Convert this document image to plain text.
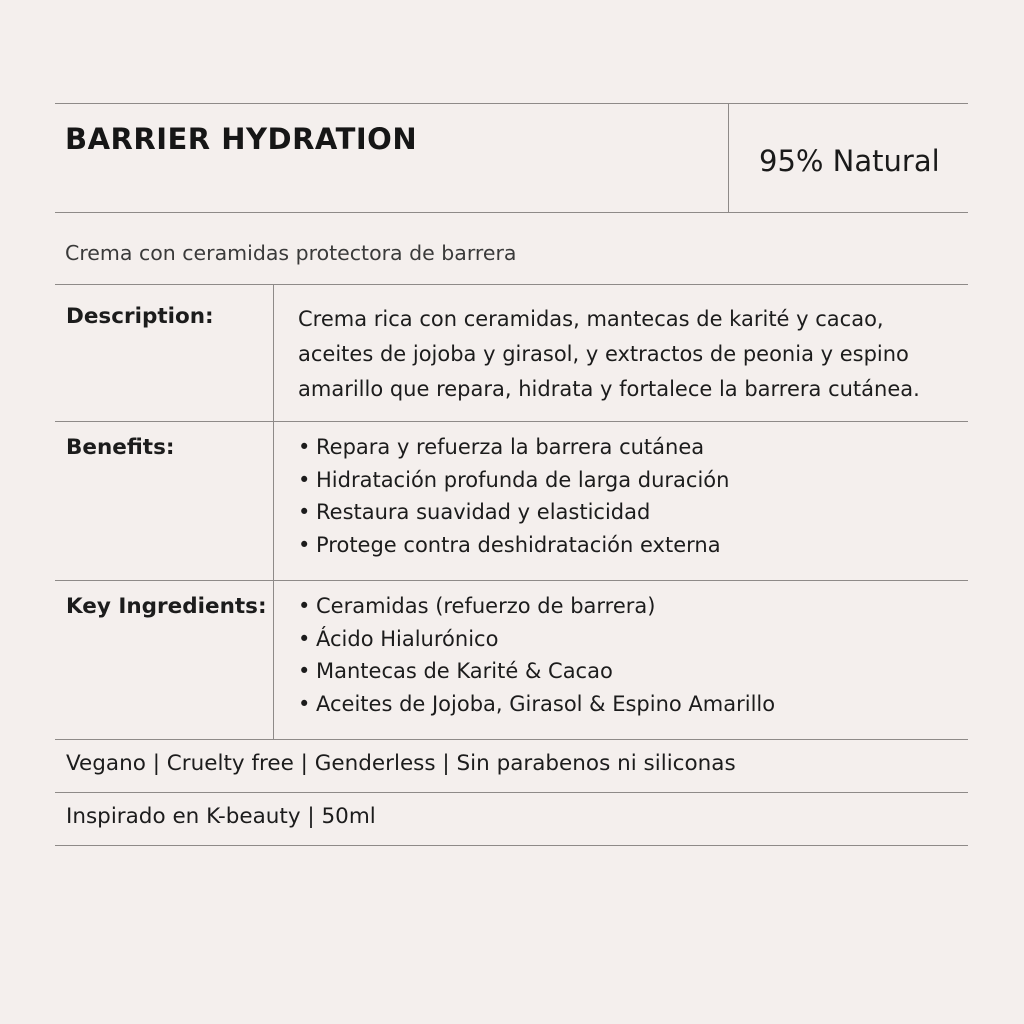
BARRIER HYDRATION
95% Natural
Crema con ceramidas protectora de barrera
Description:	Crema rica con ceramidas, mantecas de karité y cacao, aceites de jojoba y girasol, y extractos de peonia y espino amarillo que repara, hidrata y fortalece la barrera cutánea.
Benefits:	• Repara y refuerza la barrera cutánea
• Hidratación profunda de larga duración
• Restaura suavidad y elasticidad
• Protege contra deshidratación externa
Key Ingredients:	• Ceramidas (refuerzo de barrera)
• Ácido Hialurónico
• Mantecas de Karité & Cacao
• Aceites de Jojoba, Girasol & Espino Amarillo
Vegano | Cruelty free | Genderless | Sin parabenos ni siliconas
Inspirado en K-beauty | 50ml
